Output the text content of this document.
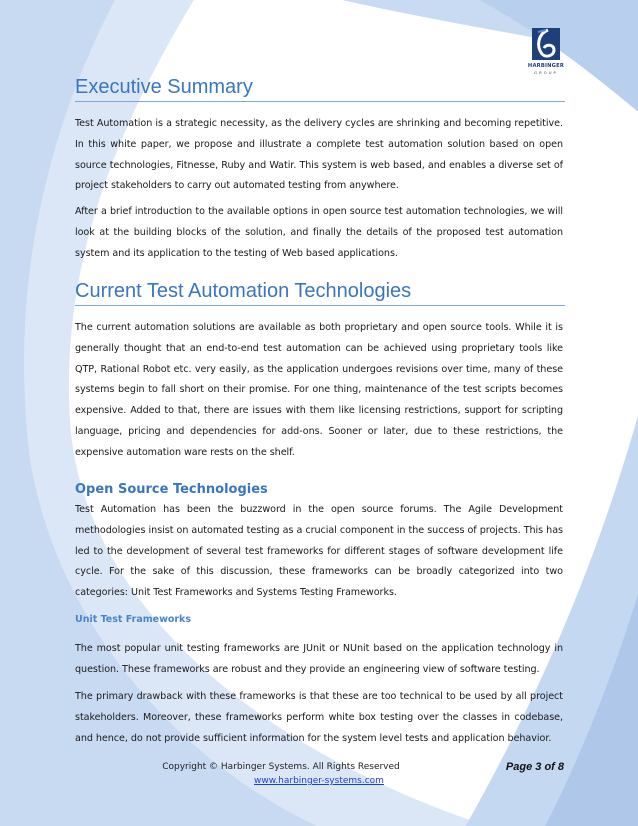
HARBINGER
GROUP
Executive Summary

Test Automation is a strategic necessity, as the delivery cycles are shrinking and becoming repetitive. In this white paper, we propose and illustrate a complete test automation solution based on open source technologies, Fitnesse, Ruby and Watir. This system is web based, and enables a diverse set of project stakeholders to carry out automated testing from anywhere.

After a brief introduction to the available options in open source test automation technologies, we will look at the building blocks of the solution, and finally the details of the proposed test automation system and its application to the testing of Web based applications.

Current Test Automation Technologies

The current automation solutions are available as both proprietary and open source tools. While it is generally thought that an end-to-end test automation can be achieved using proprietary tools like QTP, Rational Robot etc. very easily, as the application undergoes revisions over time, many of these systems begin to fall short on their promise. For one thing, maintenance of the test scripts becomes expensive. Added to that, there are issues with them like licensing restrictions, support for scripting language, pricing and dependencies for add-ons. Sooner or later, due to these restrictions, the expensive automation ware rests on the shelf.

Open Source Technologies

Test Automation has been the buzzword in the open source forums. The Agile Development methodologies insist on automated testing as a crucial component in the success of projects. This has led to the development of several test frameworks for different stages of software development life cycle. For the sake of this discussion, these frameworks can be broadly categorized into two categories: Unit Test Frameworks and Systems Testing Frameworks.

Unit Test Frameworks

The most popular unit testing frameworks are JUnit or NUnit based on the application technology in question. These frameworks are robust and they provide an engineering view of software testing.

The primary drawback with these frameworks is that these are too technical to be used by all project stakeholders. Moreover, these frameworks perform white box testing over the classes in codebase, and hence, do not provide sufficient information for the system level tests and application behavior.

Copyright © Harbinger Systems. All Rights Reserved	Page 3 of 8
www.harbinger-systems.com
